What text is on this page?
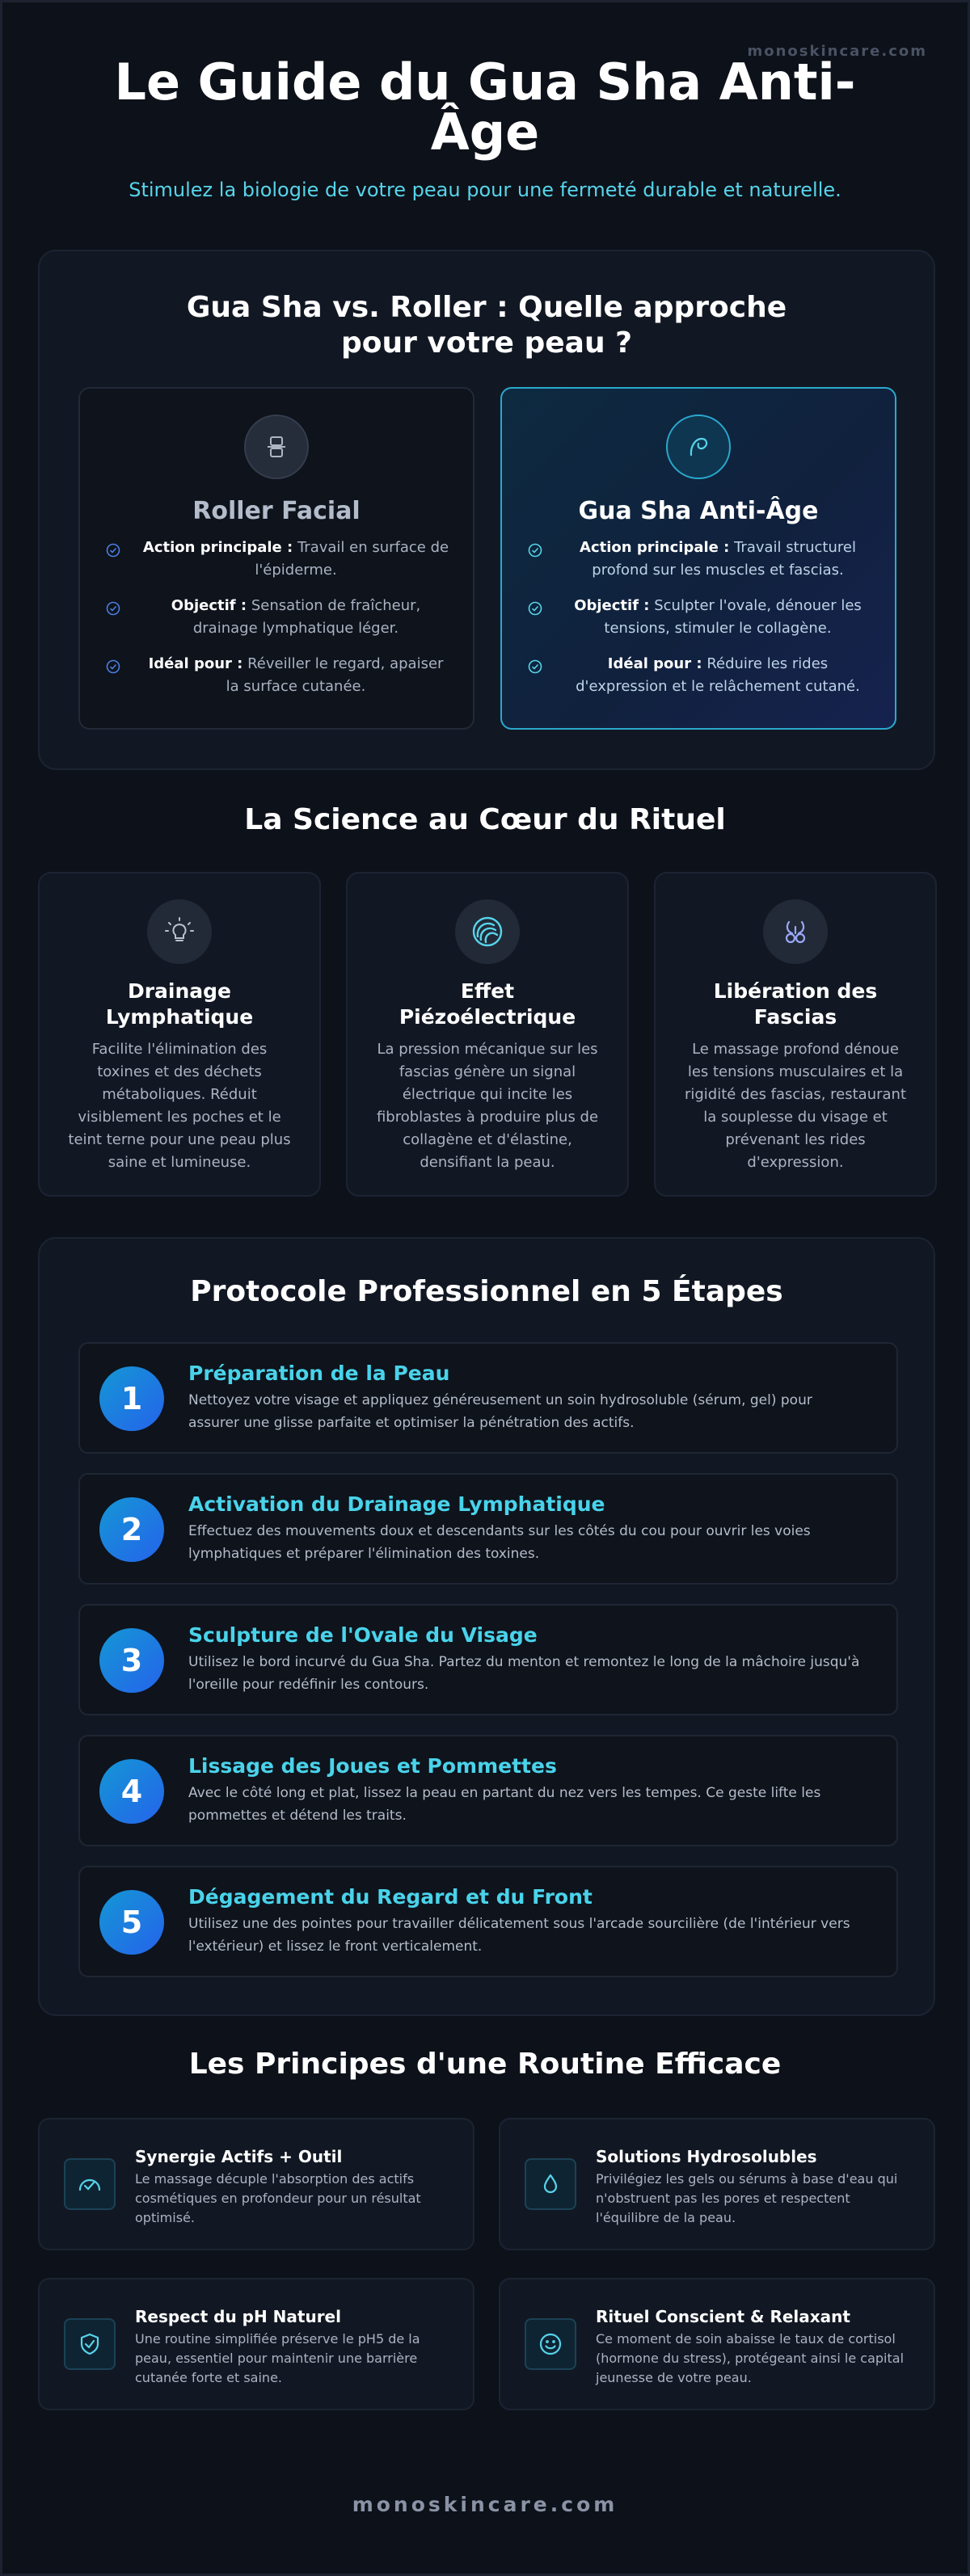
monoskincare.com
Le Guide du Gua Sha Anti-Âge
Stimulez la biologie de votre peau pour une fermeté durable et naturelle.
Gua Sha vs. Roller : Quelle approche pour votre peau ?
Roller Facial
Action principale : Travail en surface de l'épiderme.
Objectif : Sensation de fraîcheur, drainage lymphatique léger.
Idéal pour : Réveiller le regard, apaiser la surface cutanée.
Gua Sha Anti-Âge
Action principale : Travail structurel profond sur les muscles et fascias.
Objectif : Sculpter l'ovale, dénouer les tensions, stimuler le collagène.
Idéal pour : Réduire les rides d'expression et le relâchement cutané.
La Science au Cœur du Rituel
Drainage Lymphatique
Facilite l'élimination des toxines et des déchets métaboliques. Réduit visiblement les poches et le teint terne pour une peau plus saine et lumineuse.
Effet Piézoélectrique
La pression mécanique sur les fascias génère un signal électrique qui incite les fibroblastes à produire plus de collagène et d'élastine, densifiant la peau.
Libération des Fascias
Le massage profond dénoue les tensions musculaires et la rigidité des fascias, restaurant la souplesse du visage et prévenant les rides d'expression.
Protocole Professionnel en 5 Étapes
1
Préparation de la Peau
Nettoyez votre visage et appliquez généreusement un soin hydrosoluble (sérum, gel) pour assurer une glisse parfaite et optimiser la pénétration des actifs.
2
Activation du Drainage Lymphatique
Effectuez des mouvements doux et descendants sur les côtés du cou pour ouvrir les voies lymphatiques et préparer l'élimination des toxines.
3
Sculpture de l'Ovale du Visage
Utilisez le bord incurvé du Gua Sha. Partez du menton et remontez le long de la mâchoire jusqu'à l'oreille pour redéfinir les contours.
4
Lissage des Joues et Pommettes
Avec le côté long et plat, lissez la peau en partant du nez vers les tempes. Ce geste lifte les pommettes et détend les traits.
5
Dégagement du Regard et du Front
Utilisez une des pointes pour travailler délicatement sous l'arcade sourcilière (de l'intérieur vers l'extérieur) et lissez le front verticalement.
Les Principes d'une Routine Efficace
Synergie Actifs + Outil
Le massage décuple l'absorption des actifs cosmétiques en profondeur pour un résultat optimisé.
Solutions Hydrosolubles
Privilégiez les gels ou sérums à base d'eau qui n'obstruent pas les pores et respectent l'équilibre de la peau.
Respect du pH Naturel
Une routine simplifiée préserve le pH5 de la peau, essentiel pour maintenir une barrière cutanée forte et saine.
Rituel Conscient & Relaxant
Ce moment de soin abaisse le taux de cortisol (hormone du stress), protégeant ainsi le capital jeunesse de votre peau.
monoskincare.com
